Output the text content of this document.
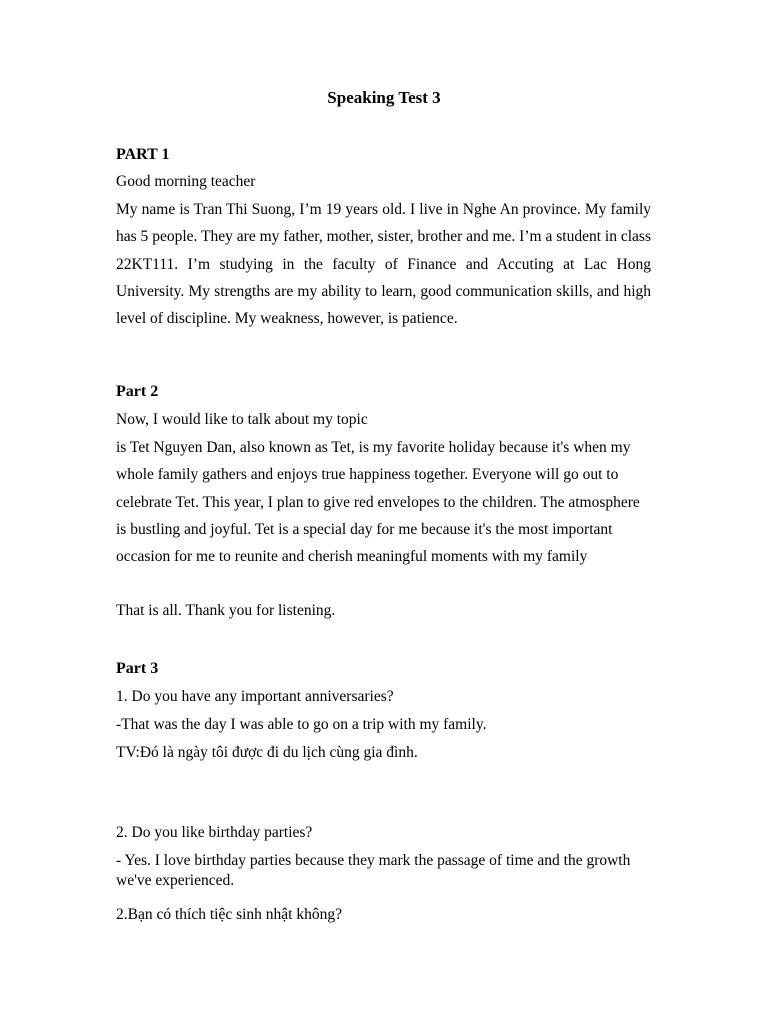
Speaking Test 3
PART 1

Good morning teacher

My name is Tran Thi Suong, I’m 19 years old. I live in Nghe An province. My family has 5 people. They are my father, mother, sister, brother and me. I’m a student in class 22KT111. I’m studying in the faculty of Finance and Accuting at Lac Hong University. My strengths are my ability to learn, good communication skills, and high level of discipline. My weakness, however, is patience.

Part 2

Now, I would like to talk about my topic

is Tet Nguyen Dan, also known as Tet, is my favorite holiday because it's when my whole family gathers and enjoys true happiness together. Everyone will go out to celebrate Tet. This year, I plan to give red envelopes to the children. The atmosphere is bustling and joyful. Tet is a special day for me because it's the most important occasion for me to reunite and cherish meaningful moments with my family

That is all. Thank you for listening.

Part 3

1. Do you have any important anniversaries?

-That was the day I was able to go on a trip with my family.

TV:Đó là ngày tôi được đi du lịch cùng gia đình.

2. Do you like birthday parties?

- Yes. I love birthday parties because they mark the passage of time and the growth we've experienced.

2.Bạn có thích tiệc sinh nhật không?
